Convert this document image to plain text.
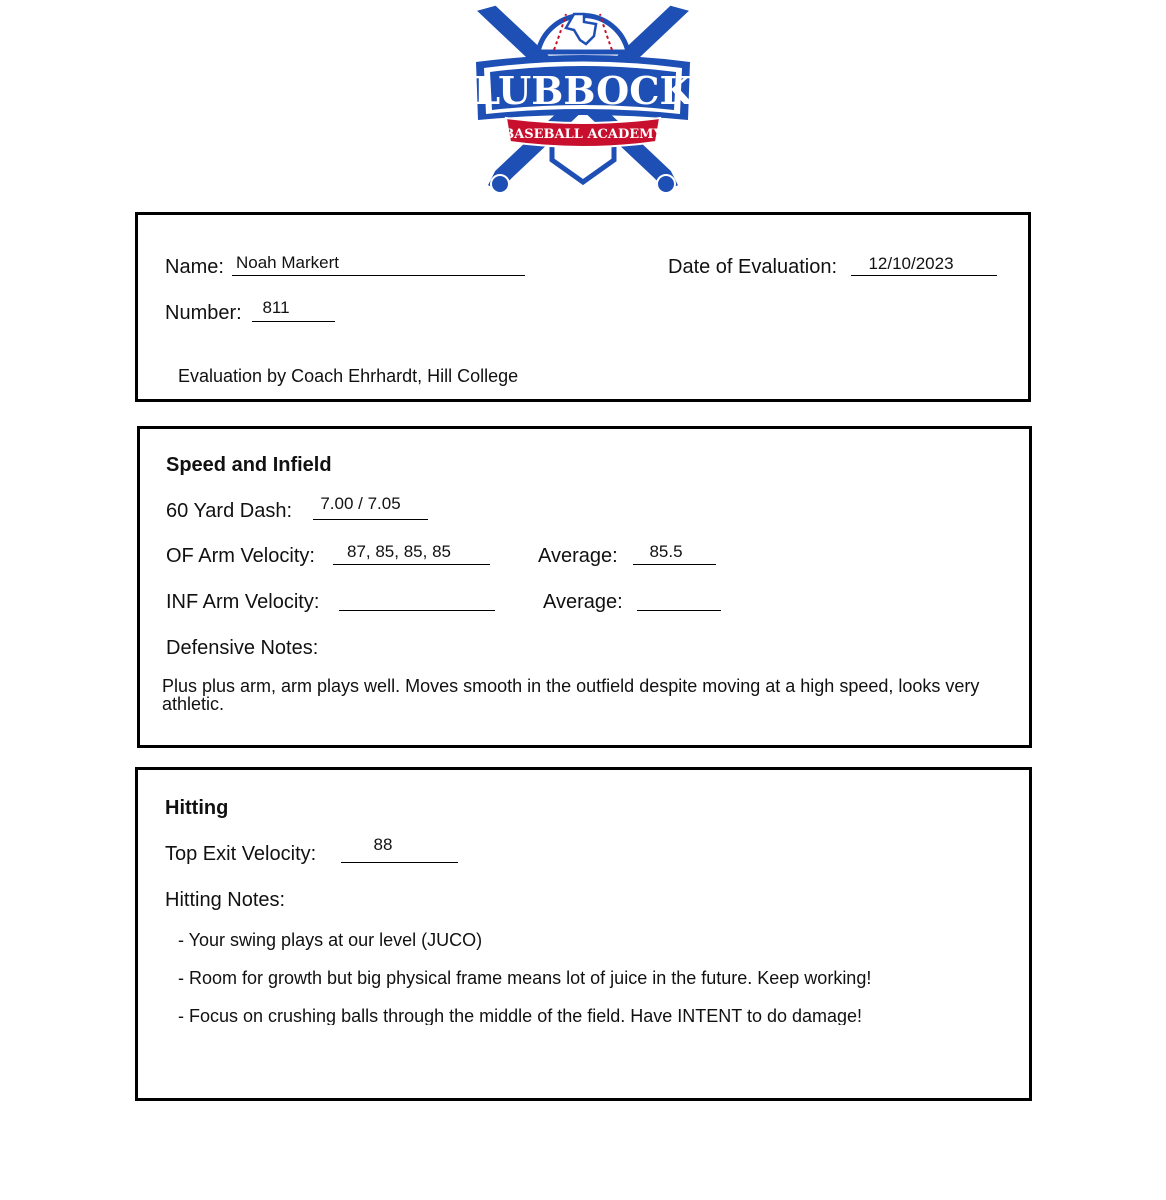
LUBBOCK
BASEBALL ACADEMY
Name: Noah Markert	Date of Evaluation:	12/10/2023
Number:	811
Evaluation by Coach Ehrhardt, Hill College
Speed and Infield
60 Yard Dash:	7.00 / 7.05
OF Arm Velocity:	87, 85, 85, 85	Average:	85.5
INF Arm Velocity:	Average:
Defensive Notes:
Plus plus arm, arm plays well. Moves smooth in the outfield despite moving at a high speed, looks very athletic.
Hitting
Top Exit Velocity:	88
Hitting Notes:
- Your swing plays at our level (JUCO)
- Room for growth but big physical frame means lot of juice in the future. Keep working!
- Focus on crushing balls through the middle of the field. Have INTENT to do damage!
